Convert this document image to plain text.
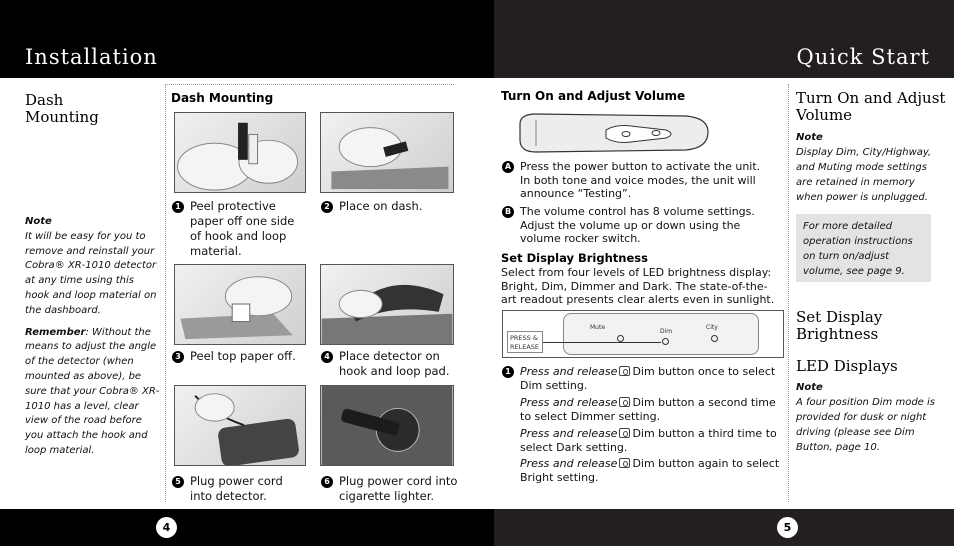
Installation	Quick Start
Dash Mounting

Note
It will be easy for you to remove and reinstall your Cobra® XR-1010 detector at any time using this hook and loop material on the dashboard.

Remember: Without the means to adjust the angle of the detector (when mounted as above), be sure that your Cobra® XR-1010 has a level, clear view of the road before you attach the hook and loop material.

Dash Mounting
1 Peel protective paper off one side of hook and loop material.
2 Place on dash.
3 Peel top paper off.	4 Place detector on hook and loop pad.
5 Plug power cord into detector.
6 Plug power cord into cigarette lighter.
Turn On and Adjust Volume
A Press the power button to activate the unit. In both tone and voice modes, the unit will announce “Testing”.
B The volume control has 8 volume settings. Adjust the volume up or down using the volume rocker switch.
Set Display Brightness
Select from four levels of LED brightness display: Bright, Dim, Dimmer and Dark. The state-of-the-art readout presents clear alerts even in sunlight.
PRESS & RELEASE
Mute
Dim
City
1 Press and release Dim button once to select Dim setting.
Press and release Dim button a second time to select Dimmer setting.
Press and release Dim button a third time to select Dark setting.
Press and release Dim button again to select Bright setting.
Turn On and Adjust Volume
Note
Display Dim, City/Highway, and Muting mode settings are retained in memory when power is unplugged.
For more detailed operation instructions on turn on/adjust volume, see page 9.
Set Display Brightness
LED Displays
Note
A four position Dim mode is provided for dusk or night driving (please see Dim Button, page 10.
4	5
